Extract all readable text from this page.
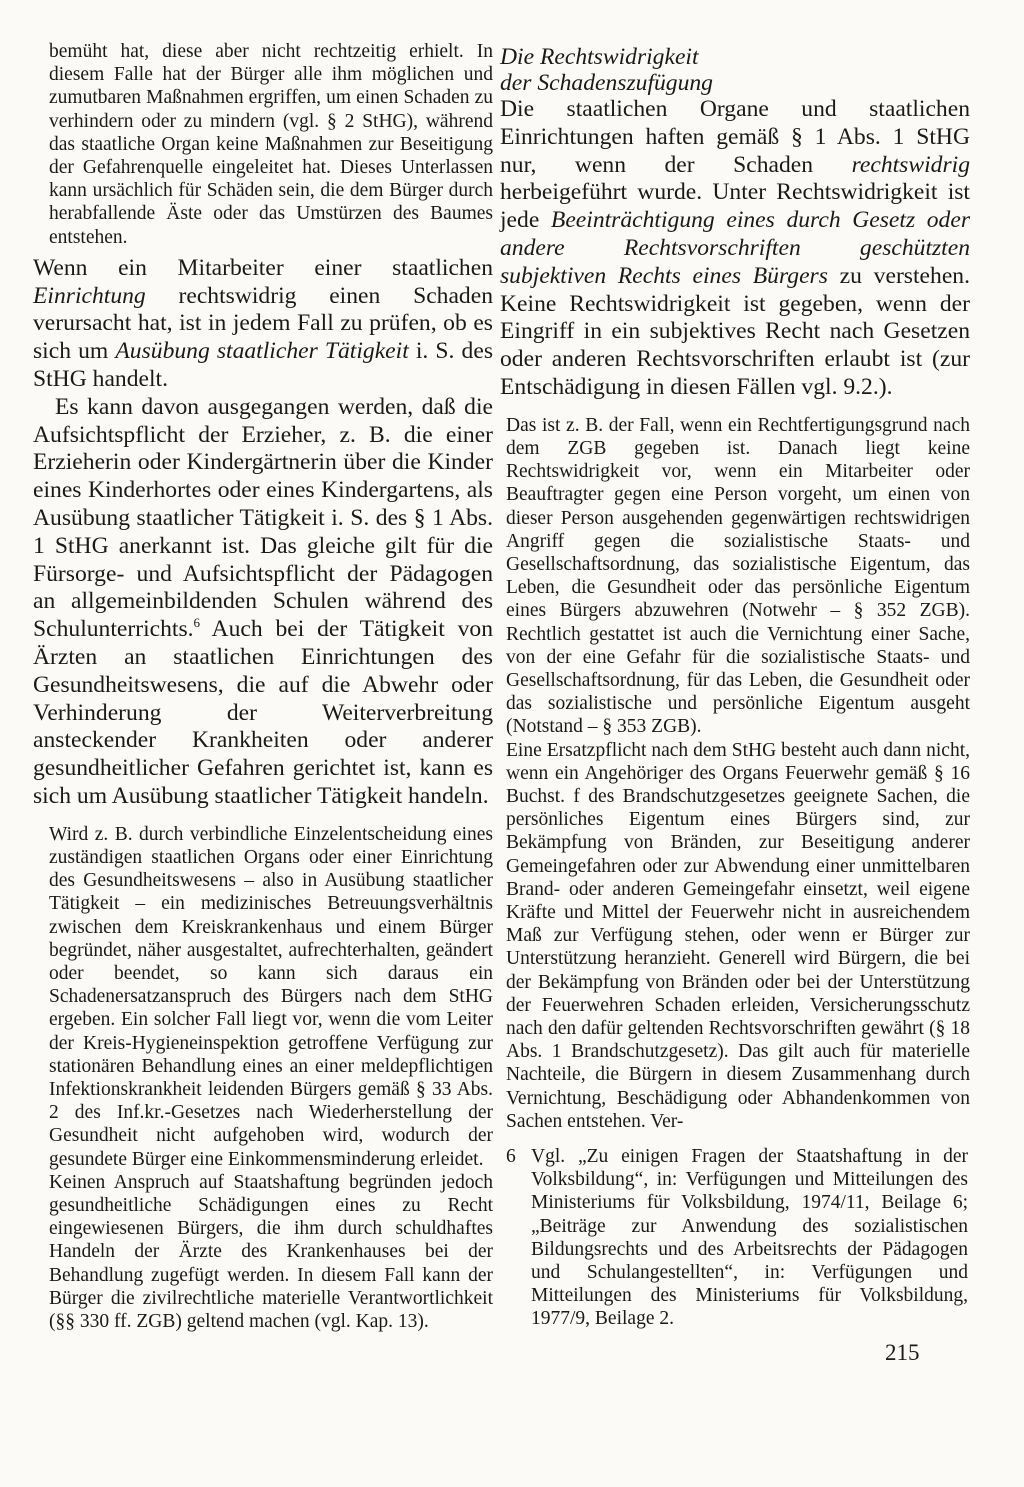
bemüht hat, diese aber nicht rechtzeitig erhielt. In diesem Falle hat der Bürger alle ihm möglichen und zumutbaren Maßnahmen ergriffen, um einen Schaden zu verhindern oder zu mindern (vgl. § 2 StHG), während das staatliche Organ keine Maßnahmen zur Beseitigung der Gefahrenquelle eingeleitet hat. Dieses Unterlassen kann ursächlich für Schäden sein, die dem Bürger durch herabfallende Äste oder das Umstürzen des Baumes entstehen.

Wenn ein Mitarbeiter einer staatlichen Einrichtung rechtswidrig einen Schaden verursacht hat, ist in jedem Fall zu prüfen, ob es sich um Ausübung staatlicher Tätigkeit i. S. des StHG handelt.

Es kann davon ausgegangen werden, daß die Aufsichtspflicht der Erzieher, z. B. die einer Erzieherin oder Kindergärtnerin über die Kinder eines Kinderhortes oder eines Kindergartens, als Ausübung staatlicher Tätigkeit i. S. des § 1 Abs. 1 StHG anerkannt ist. Das gleiche gilt für die Fürsorge- und Aufsichtspflicht der Pädagogen an allgemeinbildenden Schulen während des Schulunterrichts.$^6$ Auch bei der Tätigkeit von Ärzten an staatlichen Einrichtungen des Gesundheitswesens, die auf die Abwehr oder Verhinderung der Weiterverbreitung ansteckender Krankheiten oder anderer gesundheitlicher Gefahren gerichtet ist, kann es sich um Ausübung staatlicher Tätigkeit handeln.

Wird z. B. durch verbindliche Einzelentscheidung eines zuständigen staatlichen Organs oder einer Einrichtung des Gesundheitswesens – also in Ausübung staatlicher Tätigkeit – ein medizinisches Betreuungsverhältnis zwischen dem Kreiskrankenhaus und einem Bürger begründet, näher ausgestaltet, aufrechterhalten, geändert oder beendet, so kann sich daraus ein Schadenersatzanspruch des Bürgers nach dem StHG ergeben. Ein solcher Fall liegt vor, wenn die vom Leiter der Kreis-Hygieneinspektion getroffene Verfügung zur stationären Behandlung eines an einer meldepflichtigen Infektionskrankheit leidenden Bürgers gemäß § 33 Abs. 2 des Inf.kr.-Gesetzes nach Wiederherstellung der Gesundheit nicht aufgehoben wird, wodurch der gesundete Bürger eine Einkommensminderung erleidet.

Keinen Anspruch auf Staatshaftung begründen jedoch gesundheitliche Schädigungen eines zu Recht eingewiesenen Bürgers, die ihm durch schuldhaftes Handeln der Ärzte des Krankenhauses bei der Behandlung zugefügt werden. In diesem Fall kann der Bürger die zivilrechtliche materielle Verantwortlichkeit (§§ 330 ff. ZGB) geltend machen (vgl. Kap. 13).

Die Rechtswidrigkeit
der Schadenszufügung

Die staatlichen Organe und staatlichen Einrichtungen haften gemäß § 1 Abs. 1 StHG nur, wenn der Schaden rechtswidrig herbeigeführt wurde. Unter Rechtswidrigkeit ist jede Beeinträchtigung eines durch Gesetz oder andere Rechtsvorschriften geschützten subjektiven Rechts eines Bürgers zu verstehen. Keine Rechtswidrigkeit ist gegeben, wenn der Eingriff in ein subjektives Recht nach Gesetzen oder anderen Rechtsvorschriften erlaubt ist (zur Entschädigung in diesen Fällen vgl. 9.2.).

Das ist z. B. der Fall, wenn ein Rechtfertigungsgrund nach dem ZGB gegeben ist. Danach liegt keine Rechtswidrigkeit vor, wenn ein Mitarbeiter oder Beauftragter gegen eine Person vorgeht, um einen von dieser Person ausgehenden gegenwärtigen rechtswidrigen Angriff gegen die sozialistische Staats- und Gesellschaftsordnung, das sozialistische Eigentum, das Leben, die Gesundheit oder das persönliche Eigentum eines Bürgers abzuwehren (Notwehr – § 352 ZGB). Rechtlich gestattet ist auch die Vernichtung einer Sache, von der eine Gefahr für die sozialistische Staats- und Gesellschaftsordnung, für das Leben, die Gesundheit oder das sozialistische und persönliche Eigentum ausgeht (Notstand – § 353 ZGB).

Eine Ersatzpflicht nach dem StHG besteht auch dann nicht, wenn ein Angehöriger des Organs Feuerwehr gemäß § 16 Buchst. f des Brandschutzgesetzes geeignete Sachen, die persönliches Eigentum eines Bürgers sind, zur Bekämpfung von Bränden, zur Beseitigung anderer Gemeingefahren oder zur Abwendung einer unmittelbaren Brand- oder anderen Gemeingefahr einsetzt, weil eigene Kräfte und Mittel der Feuerwehr nicht in ausreichendem Maß zur Verfügung stehen, oder wenn er Bürger zur Unterstützung heranzieht. Generell wird Bürgern, die bei der Bekämpfung von Bränden oder bei der Unterstützung der Feuerwehren Schaden erleiden, Versicherungsschutz nach den dafür geltenden Rechtsvorschriften gewährt (§ 18 Abs. 1 Brandschutzgesetz). Das gilt auch für materielle Nachteile, die Bürgern in diesem Zusammenhang durch Vernichtung, Beschädigung oder Abhandenkommen von Sachen entstehen. Ver-

6 Vgl. „Zu einigen Fragen der Staatshaftung in der Volksbildung“, in: Verfügungen und Mitteilungen des Ministeriums für Volksbildung, 1974/11, Beilage 6; „Beiträge zur Anwendung des sozialistischen Bildungsrechts und des Arbeitsrechts der Pädagogen und Schulangestellten“, in: Verfügungen und Mitteilungen des Ministeriums für Volksbildung, 1977/9, Beilage 2.
215
